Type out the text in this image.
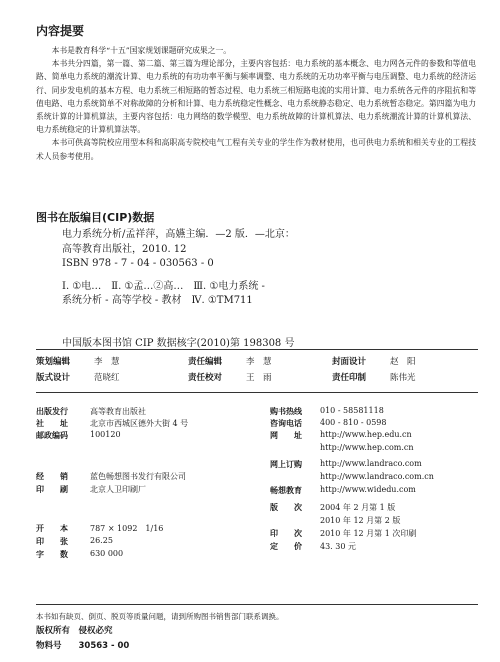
内容提要

本书是教育科学“十五”国家规划课题研究成果之一。

本书共分四篇，第一篇、第二篇、第三篇为理论部分，主要内容包括：电力系统的基本概念、电力网各元件的参数和等值电路、简单电力系统的潮流计算、电力系统的有功功率平衡与频率调整、电力系统的无功功率平衡与电压调整、电力系统的经济运行、同步发电机的基本方程、电力系统三相短路的暂态过程、电力系统三相短路电流的实用计算、电力系统各元件的序阻抗和等值电路、电力系统简单不对称故障的分析和计算、电力系统稳定性概念、电力系统静态稳定、电力系统暂态稳定。第四篇为电力系统计算的计算机算法，主要内容包括：电力网络的数学模型、电力系统故障的计算机算法、电力系统潮流计算的计算机算法、电力系统稳定的计算机算法等。

本书可供高等院校应用型本科和高职高专院校电气工程有关专业的学生作为教材使用，也可供电力系统和相关专业的工程技术人员参考使用。

图书在版编目(CIP)数据
电力系统分析/孟祥萍，高嬿主编．—2 版．—北京：
高等教育出版社，2010. 12
ISBN 978 - 7 - 04 - 030563 - 0
Ⅰ. ①电…　Ⅱ. ①孟…②高…　Ⅲ. ①电力系统 -
系统分析 - 高等学校 - 教材　Ⅳ. ①TM711
中国版本图书馆 CIP 数据核字(2010)第 198308 号
策划编辑	李　慧	责任编辑	李　慧	封面设计	赵　阳
版式设计	范晓红	责任校对	王　雨	责任印制	陈伟光
出版发行	高等教育出版社
社　　址	北京市西城区德外大街 4 号
邮政编码	100120
经　　销	蓝色畅想图书发行有限公司
印　　刷	北京人卫印刷厂
开　　本	787 × 1092　1/16
印　　张	26.25
字　　数	630 000
购书热线 010 - 58581118
咨询电话 400 - 810 - 0598
网　　址 http://www.hep.edu.cn
http://www.hep.com.cn
网上订购 http://www.landraco.com
http://www.landraco.com.cn
畅想教育 http://www.widedu.com
版　　次 2004 年 2 月第 1 版
2010 年 12 月第 2 版
印　　次 2010 年 12 月第 1 次印刷
定　　价 43. 30 元
本书如有缺页、倒页、脱页等质量问题，请到所购图书销售部门联系调换。
版权所有　侵权必究
物料号 30563 - 00
